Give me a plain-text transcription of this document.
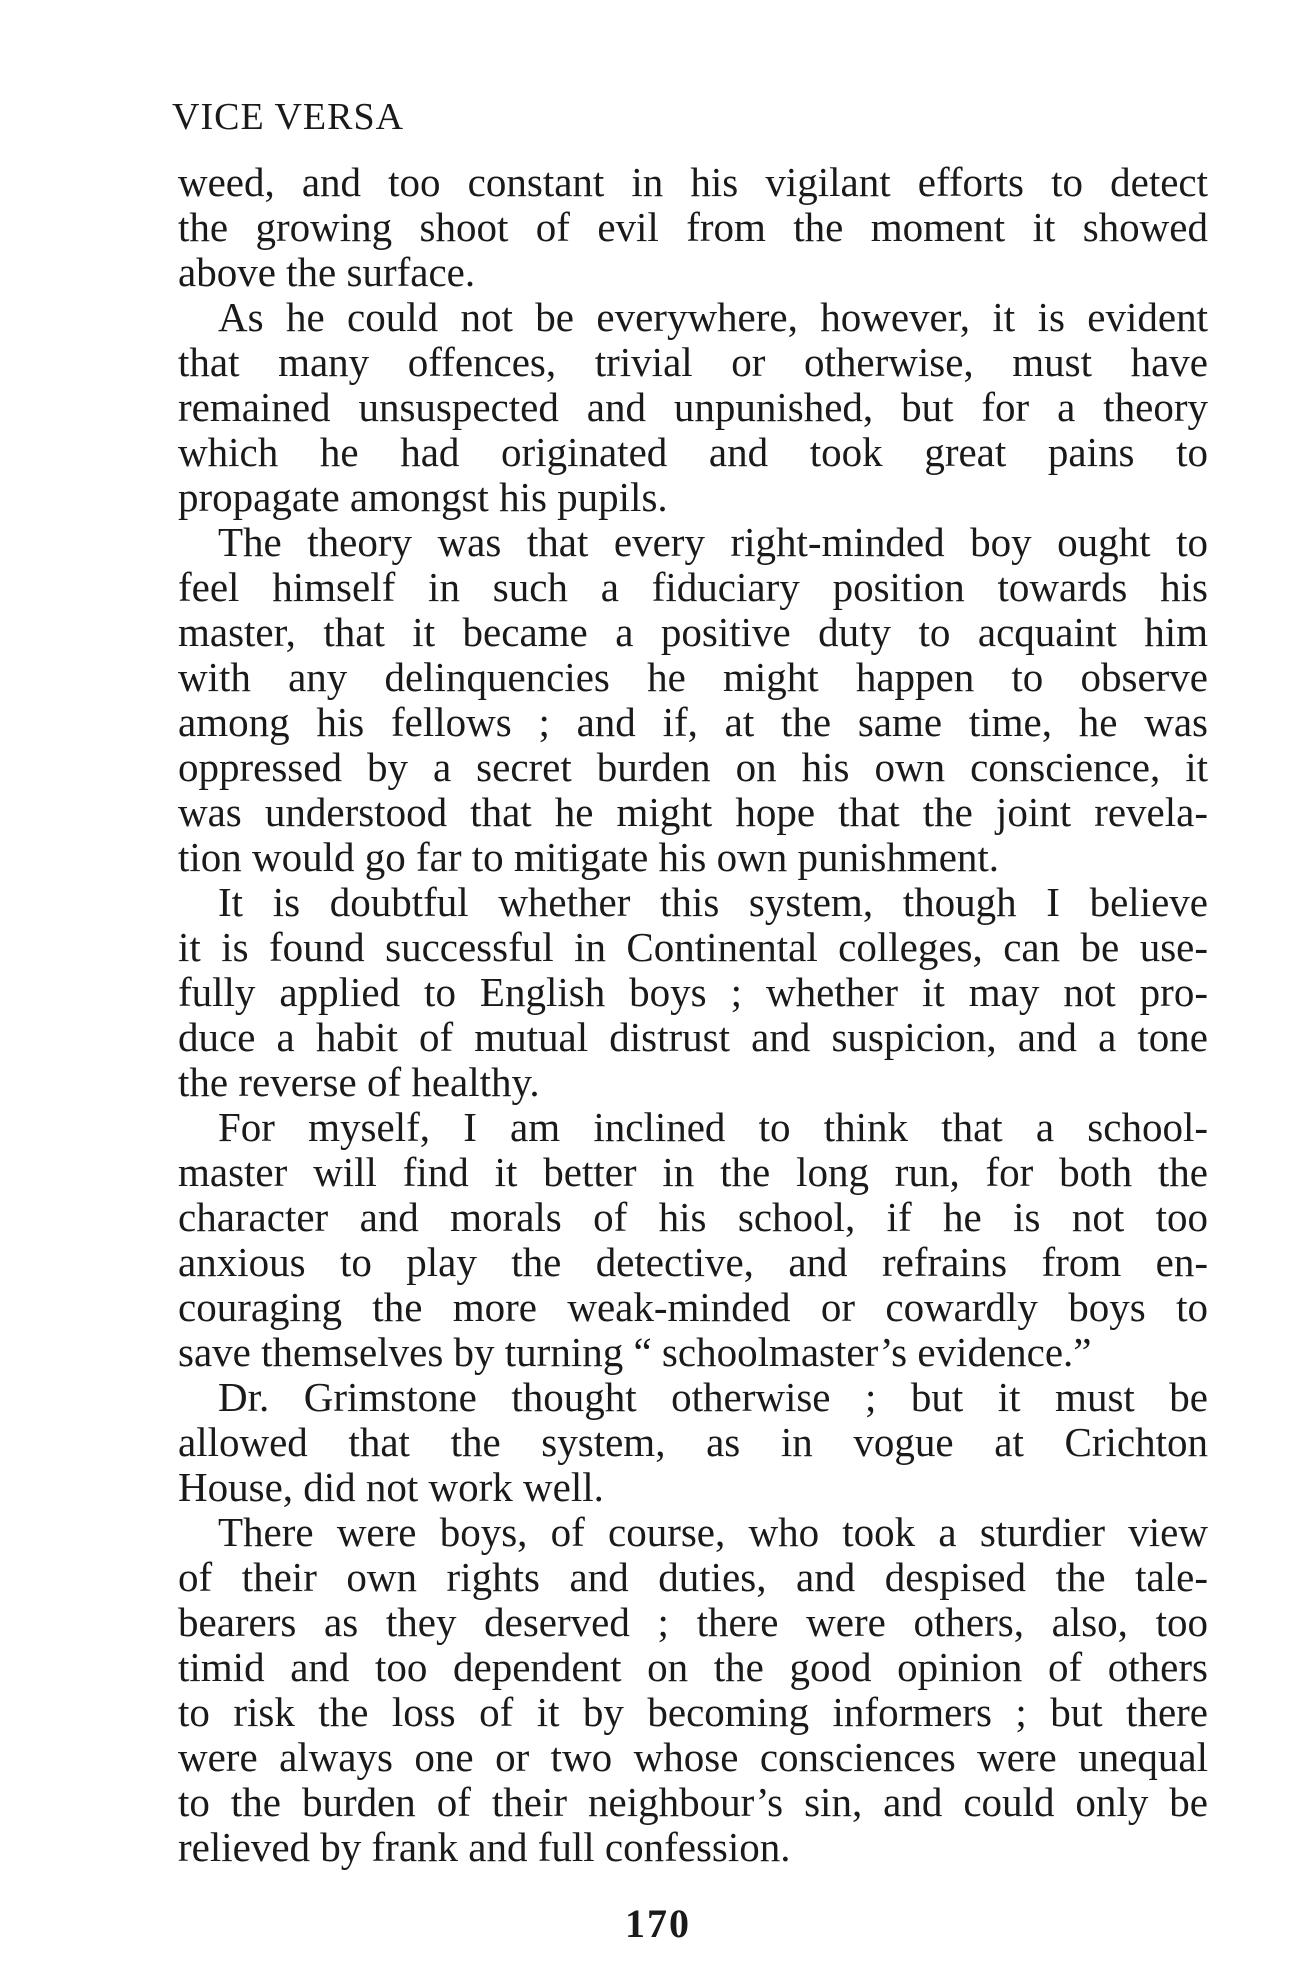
VICE VERSA
weed, and too constant in his vigilant efforts to detect
the growing shoot of evil from the moment it showed
above the surface.
As he could not be everywhere, however, it is evident
that many offences, trivial or otherwise, must have
remained unsuspected and unpunished, but for a theory
which he had originated and took great pains to
propagate amongst his pupils.
The theory was that every right-minded boy ought to
feel himself in such a fiduciary position towards his
master, that it became a positive duty to acquaint him
with any delinquencies he might happen to observe
among his fellows ; and if, at the same time, he was
oppressed by a secret burden on his own conscience, it
was understood that he might hope that the joint revela-
tion would go far to mitigate his own punishment.
It is doubtful whether this system, though I believe
it is found successful in Continental colleges, can be use-
fully applied to English boys ; whether it may not pro-
duce a habit of mutual distrust and suspicion, and a tone
the reverse of healthy.
For myself, I am inclined to think that a school-
master will find it better in the long run, for both the
character and morals of his school, if he is not too
anxious to play the detective, and refrains from en-
couraging the more weak-minded or cowardly boys to
save themselves by turning “ schoolmaster’s evidence.”
Dr. Grimstone thought otherwise ; but it must be
allowed that the system, as in vogue at Crichton
House, did not work well.
There were boys, of course, who took a sturdier view
of their own rights and duties, and despised the tale-
bearers as they deserved ; there were others, also, too
timid and too dependent on the good opinion of others
to risk the loss of it by becoming informers ; but there
were always one or two whose consciences were unequal
to the burden of their neighbour’s sin, and could only be
relieved by frank and full confession.
170
